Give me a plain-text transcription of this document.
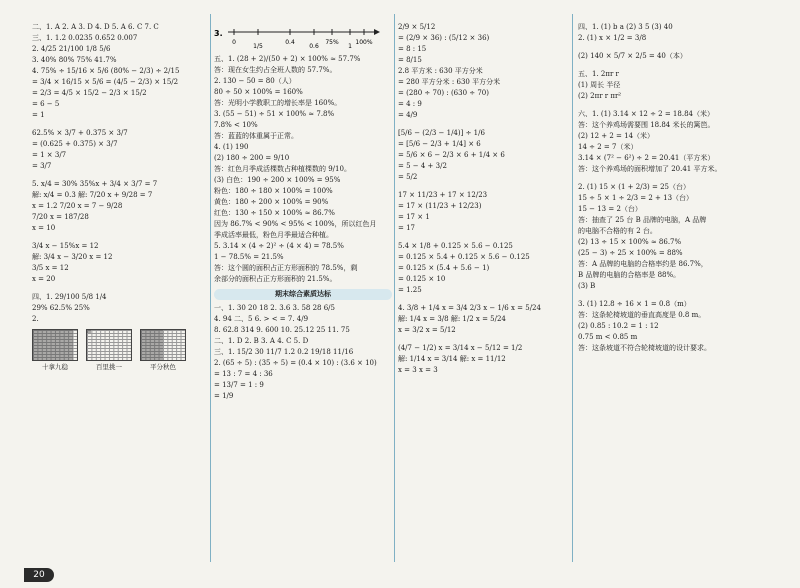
二、1. A 2. A 3. D 4. D 5. A 6. C 7. C
三、1. 1.2 0.0235 0.652 0.007
2. 4/25 21/100 1/8 5/6
3. 40% 80% 75% 41.7%
4. 75% ÷ 15/16 × 5/6 (80% − 2/3) ÷ 2/15
= 3/4 × 16/15 × 5/6 = (4/5 − 2/3) × 15/2
= 2/3 = 4/5 × 15/2 − 2/3 × 15/2
= 6 − 5
= 1
62.5% × 3/7 + 0.375 × 3/7
= (0.625 + 0.375) × 3/7
= 1 × 3/7
= 3/7
5. x/4 = 30% 35%x + 3/4 × 3/7 = 7
解: x/4 = 0.3 解: 7/20 x + 9/28 = 7
x = 1.2 7/20 x = 7 − 9/28
7/20 x = 187/28
x = 10
3/4 x − 15%x = 12
解: 3/4 x − 3/20 x = 12
3/5 x = 12
x = 20
四、1. 29/100 5/8 1/4
29% 62.5% 25%
2.
十拿九稳	百里挑一	平分秋色
3.
0
1/5
0.4
0.6
75%
1
100%
五、1. (28 + 2)/(50 + 2) × 100% ≈ 57.7%
答：现在女生约占全班人数的 57.7%。
2. 130 − 50 = 80（人）
80 ÷ 50 × 100% = 160%
答：光明小学教职工的增长率是 160%。
3. (55 − 51) ÷ 51 × 100% ≈ 7.8%
7.8% < 10%
答：蓝蓝的体重属于正常。
4. (1) 190
(2) 180 ÷ 200 = 9/10
答：红色月季成活棵数占种植棵数的 9/10。
(3) 白色：190 ÷ 200 × 100% = 95%
粉色：180 ÷ 180 × 100% = 100%
黄色：180 ÷ 200 × 100% = 90%
红色：130 ÷ 150 × 100% ≈ 86.7%
因为 86.7% < 90% < 95% < 100%，所以红色月
季成活率最低，粉色月季最适合种植。
5. 3.14 × (4 ÷ 2)² ÷ (4 × 4) = 78.5%
1 − 78.5% = 21.5%
答：这个圆的面积占正方形面积的 78.5%，剩
余部分的面积占正方形面积的 21.5%。
期末综合素质达标
一、1. 30 20 18 2. 3.6 3. 58 28 6/5
4. 94 二、5 6. > < = 7. 4/9
8. 62.8 314 9. 600 10. 25.12 25 11. 75
二、1. D 2. B 3. A 4. C 5. D
三、1. 15/2 30 11/7 1.2 0.2 19/18 11/16
2. (65 ÷ 5) : (35 ÷ 5) = (0.4 × 10) : (3.6 × 10)
= 13 : 7 = 4 : 36
= 13/7 = 1 : 9
= 1/9
2/9 × 5/12
= (2/9 × 36) : (5/12 × 36)
= 8 : 15
= 8/15
2.8 平方米 : 630 平方分米
= 280 平方分米 : 630 平方分米
= (280 ÷ 70) : (630 ÷ 70)
= 4 : 9
= 4/9
[5/6 − (2/3 − 1/4)] ÷ 1/6
= [5/6 − 2/3 + 1/4] × 6
= 5/6 × 6 − 2/3 × 6 + 1/4 × 6
= 5 − 4 + 3/2
= 5/2
17 × 11/23 + 17 × 12/23
= 17 × (11/23 + 12/23)
= 17 × 1
= 17
5.4 × 1/8 + 0.125 × 5.6 − 0.125
= 0.125 × 5.4 + 0.125 × 5.6 − 0.125
= 0.125 × (5.4 + 5.6 − 1)
= 0.125 × 10
= 1.25
4. 3/8 + 1/4 x = 3/4 2/3 x − 1/6 x = 5/24
解: 1/4 x = 3/8 解: 1/2 x = 5/24
x = 3/2 x = 5/12
(4/7 − 1/2) x = 3/14 x − 5/12 = 1/2
解: 1/14 x = 3/14 解: x = 11/12
x = 3 x = 3
四、1. (1) b a (2) 3 5 (3) 40
2. (1) x × 1/2 = 3/8
(2) 140 × 5/7 × 2/5 = 40（本）
五、1. 2πr r
(1) 周长 半径
(2) 2πr r πr²
六、1. (1) 3.14 × 12 ÷ 2 = 18.84（米）
答：这个养鸡场需要围 18.84 米长的篱笆。
(2) 12 + 2 = 14（米）
14 ÷ 2 = 7（米）
3.14 × (7² − 6²) ÷ 2 = 20.41（平方米）
答：这个养鸡场的面积增加了 20.41 平方米。
2. (1) 15 × (1 + 2/3) = 25（台）
15 ÷ 5 × 1 ÷ 2/3 = 2 + 13（台）
15 − 13 = 2（台）
答：抽查了 25 台 B 品牌的电脑，A 品牌
的电脑不合格的有 2 台。
(2) 13 ÷ 15 × 100% ≈ 86.7%
(25 − 3) ÷ 25 × 100% = 88%
答：A 品牌的电脑的合格率约是 86.7%，
B 品牌的电脑的合格率是 88%。
(3) B
3. (1) 12.8 ÷ 16 × 1 = 0.8（m）
答：这条轮椅坡道的垂直高度是 0.8 m。
(2) 0.85 : 10.2 = 1 : 12
0.75 m < 0.85 m
答：这条坡道不符合轮椅坡道的设计要求。
20
